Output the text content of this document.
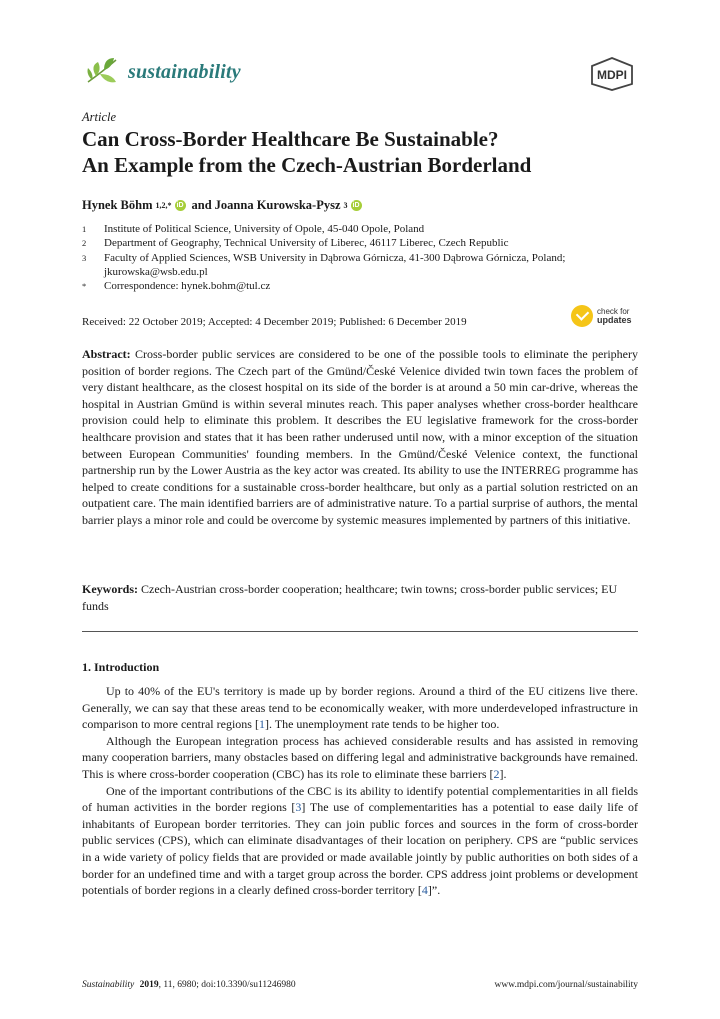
sustainability	MDPI
Article
Can Cross-Border Healthcare Be Sustainable?
An Example from the Czech-Austrian Borderland
Hynek Böhm 1,2,* iD and Joanna Kurowska-Pysz 3 iD
1	Institute of Political Science, University of Opole, 45-040 Opole, Poland
2	Department of Geography, Technical University of Liberec, 46117 Liberec, Czech Republic
3	Faculty of Applied Sciences, WSB University in Dąbrowa Górnicza, 41-300 Dąbrowa Górnicza, Poland; jkurowska@wsb.edu.pl
*	Correspondence: hynek.bohm@tul.cz
Received: 22 October 2019; Accepted: 4 December 2019; Published: 6 December 2019
check for
updates
Abstract: Cross-border public services are considered to be one of the possible tools to eliminate the periphery position of border regions. The Czech part of the Gmünd/České Velenice divided twin town faces the problem of very distant healthcare, as the closest hospital on its side of the border is at around a 50 min car-drive, whereas the hospital in Austrian Gmünd is within several minutes reach. This paper analyses whether cross-border healthcare provision could help to eliminate this problem. It describes the EU legislative framework for the cross-border healthcare provision and states that it has been rather underused until now, with a minor exception of the situation between European Communities' founding members. In the Gmünd/České Velenice context, the functional partnership run by the Lower Austria as the key actor was created. Its ability to use the INTERREG programme has helped to create conditions for a sustainable cross-border healthcare, but only as a partial solution restricted on an outpatient care. The main identified barriers are of administrative nature. To a partial surprise of authors, the mental barrier plays a minor role and could be overcome by systemic measures implemented by partners of this initiative.
Keywords: Czech-Austrian cross-border cooperation; healthcare; twin towns; cross-border public services; EU funds
1. Introduction

Up to 40% of the EU's territory is made up by border regions. Around a third of the EU citizens live there. Generally, we can say that these areas tend to be economically weaker, with more underdeveloped infrastructure in comparison to more central regions [1]. The unemployment rate tends to be higher too.

Although the European integration process has achieved considerable results and has assisted in removing many cooperation barriers, many obstacles based on differing legal and administrative backgrounds have remained. This is where cross-border cooperation (CBC) has its role to eliminate these barriers [2].

One of the important contributions of the CBC is its ability to identify potential complementarities in all fields of human activities in the border regions [3] The use of complementarities has a potential to ease daily life of inhabitants of European border territories. They can join public forces and sources in the form of cross-border public services (CPS), which can eliminate disadvantages of their location on periphery. CPS are “public services in a wide variety of policy fields that are provided or made available jointly by public authorities on both sides of a border for an undefined time and with a target group across the border. CPS address joint problems or development potentials of border regions in a clearly defined cross-border territory [4]”.

Sustainability 2019, 11, 6980; doi:10.3390/su11246980	www.mdpi.com/journal/sustainability
